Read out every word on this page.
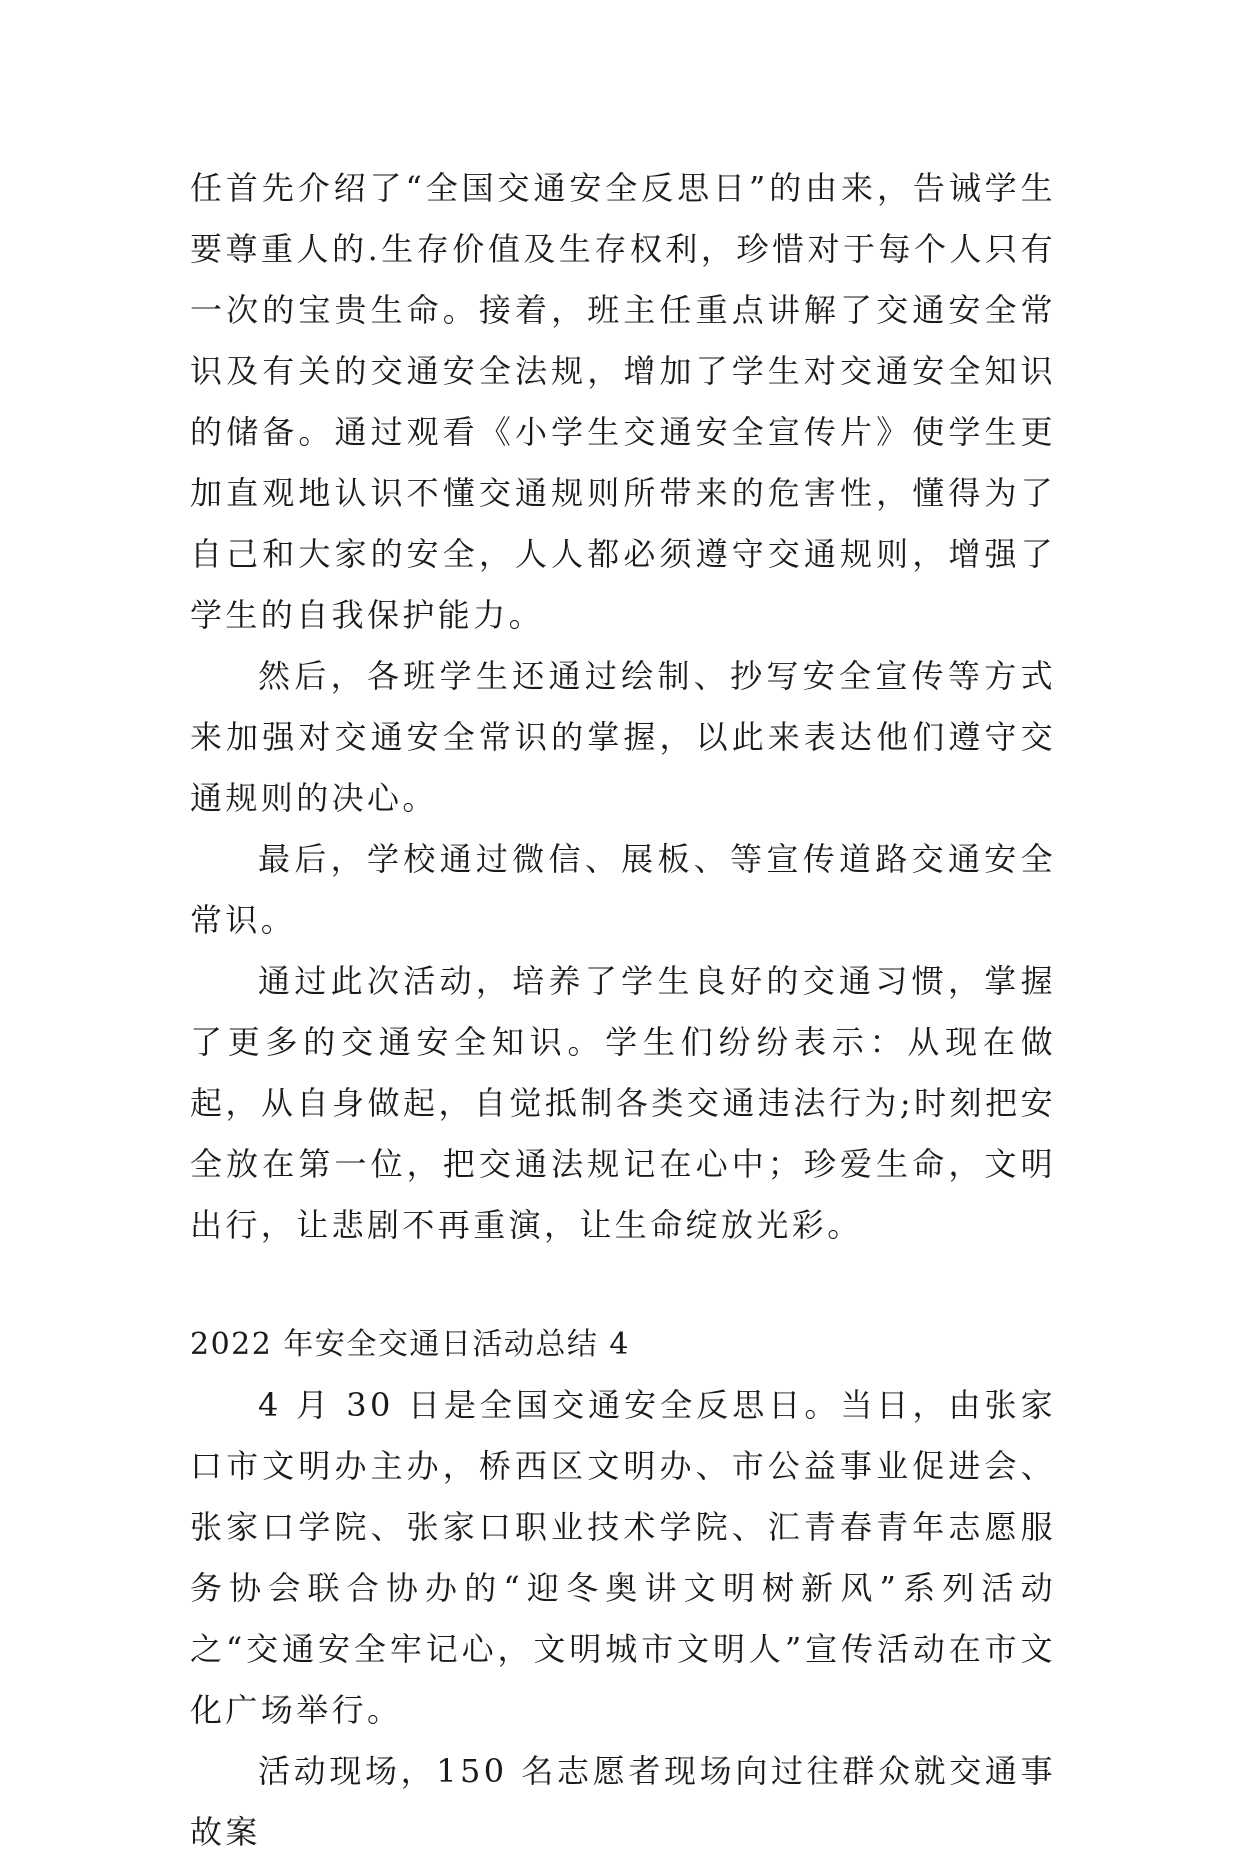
任首先介绍了“全国交通安全反思日”的由来，告诫学生要尊重人的.生存价值及生存权利，珍惜对于每个人只有一次的宝贵生命。接着，班主任重点讲解了交通安全常识及有关的交通安全法规，增加了学生对交通安全知识的储备。通过观看《小学生交通安全宣传片》使学生更加直观地认识不懂交通规则所带来的危害性，懂得为了自己和大家的安全，人人都必须遵守交通规则，增强了学生的自我保护能力。

然后，各班学生还通过绘制、抄写安全宣传等方式来加强对交通安全常识的掌握，以此来表达他们遵守交通规则的决心。

最后，学校通过微信、展板、等宣传道路交通安全常识。

通过此次活动，培养了学生良好的交通习惯，掌握了更多的交通安全知识。学生们纷纷表示：从现在做起，从自身做起，自觉抵制各类交通违法行为;时刻把安全放在第一位，把交通法规记在心中；珍爱生命，文明出行，让悲剧不再重演，让生命绽放光彩。

2022 年安全交通日活动总结 4

4 月 30 日是全国交通安全反思日。当日，由张家口市文明办主办，桥西区文明办、市公益事业促进会、张家口学院、张家口职业技术学院、汇青春青年志愿服务协会联合协办的“迎冬奥讲文明树新风”系列活动之“交通安全牢记心，文明城市文明人”宣传活动在市文化广场举行。

活动现场，150 名志愿者现场向过往群众就交通事故案
